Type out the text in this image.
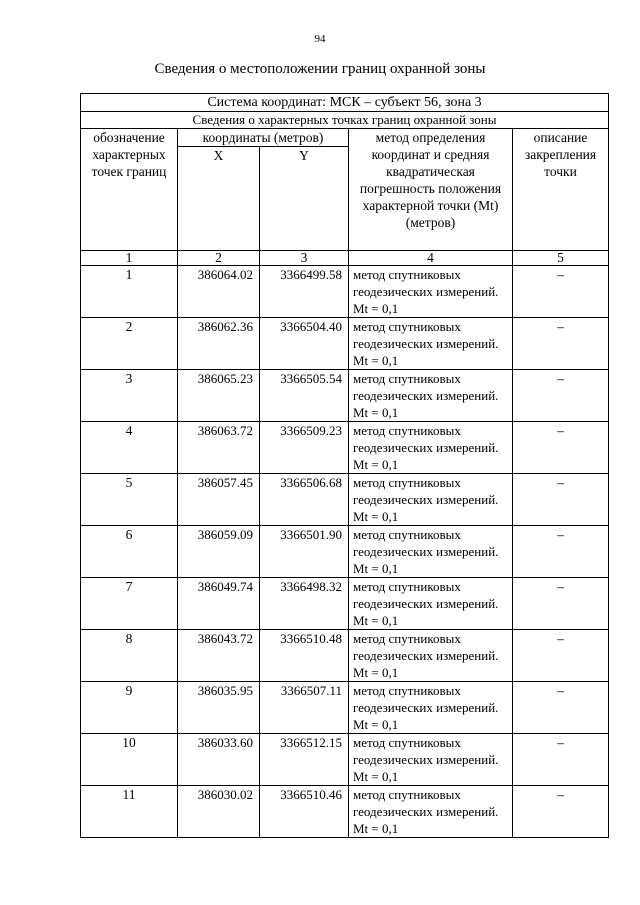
94
Сведения о местоположении границ охранной зоны
Система координат: МСК – субъект 56, зона 3				
Сведения о характерных точках границ охранной зоны				
обозначение характерных точек границ	координаты (метров)		метод определения координат и средняя квадратическая погрешность положения характерной точки (Mt) (метров)	описание закрепления точки
	X	Y		
1	2	3	4	5
1	386064.02	3366499.58	метод спутниковых геодезических измерений. Mt = 0,1	–
2	386062.36	3366504.40	метод спутниковых геодезических измерений. Mt = 0,1	–
3	386065.23	3366505.54	метод спутниковых геодезических измерений. Mt = 0,1	–
4	386063.72	3366509.23	метод спутниковых геодезических измерений. Mt = 0,1	–
5	386057.45	3366506.68	метод спутниковых геодезических измерений. Mt = 0,1	–
6	386059.09	3366501.90	метод спутниковых геодезических измерений. Mt = 0,1	–
7	386049.74	3366498.32	метод спутниковых геодезических измерений. Mt = 0,1	–
8	386043.72	3366510.48	метод спутниковых геодезических измерений. Mt = 0,1	–
9	386035.95	3366507.11	метод спутниковых геодезических измерений. Mt = 0,1	–
10	386033.60	3366512.15	метод спутниковых геодезических измерений. Mt = 0,1	–
11	386030.02	3366510.46	метод спутниковых геодезических измерений. Mt = 0,1	–
